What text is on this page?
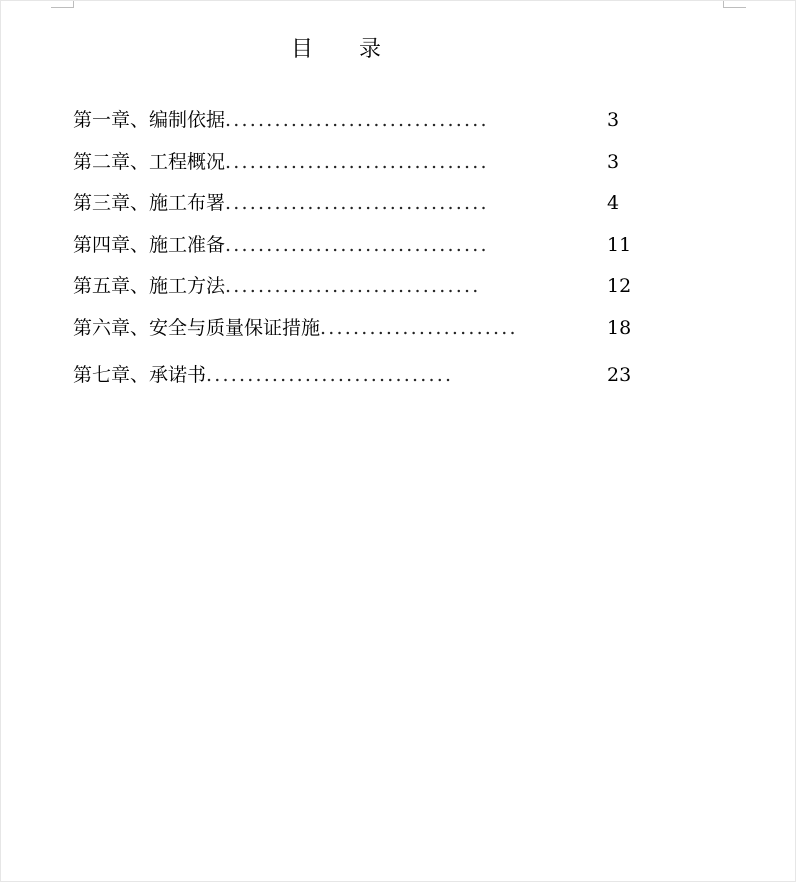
目 录
第一章、编制依据................................	3
第二章、工程概况................................	3
第三章、施工布署................................	4
第四章、施工准备................................	11
第五章、施工方法...............................	12
第六章、安全与质量保证措施........................	18
第七章、承诺书..............................	23
